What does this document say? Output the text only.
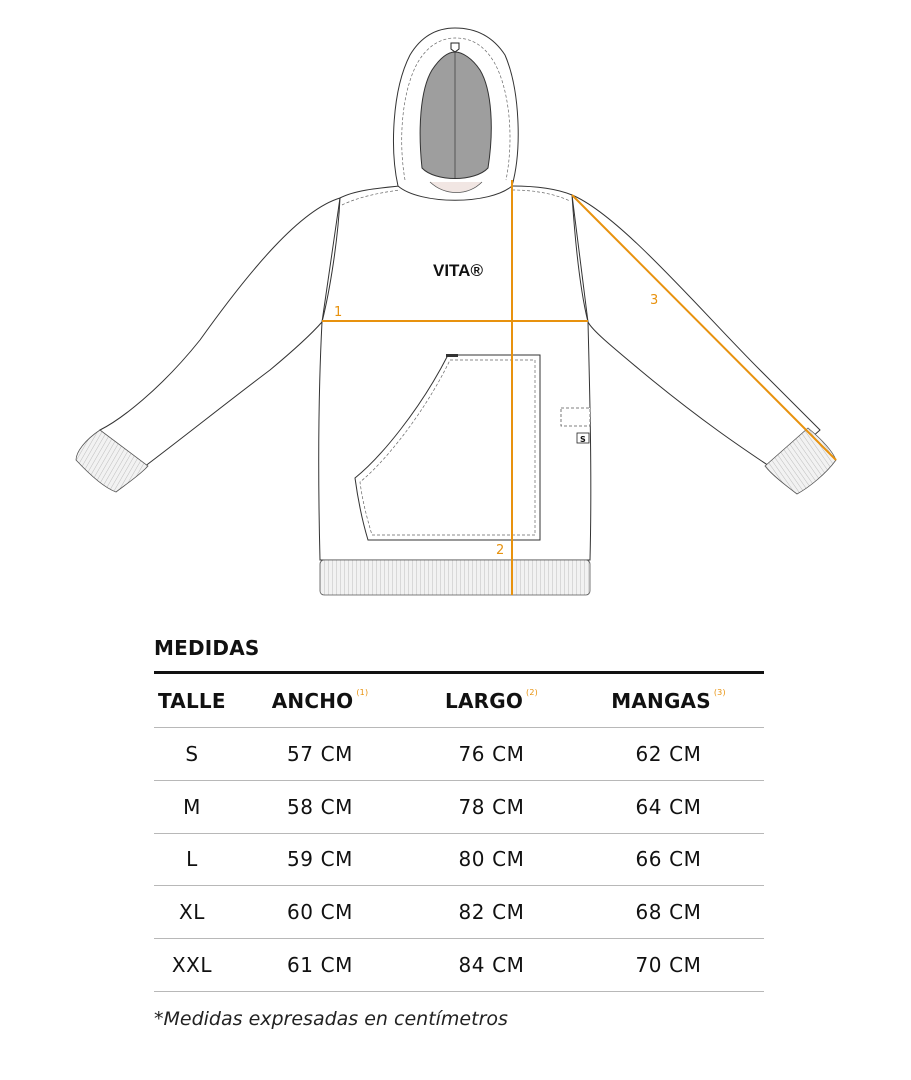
VITA®
S
1
2
3
MEDIDAS
TALLE	ANCHO $^{(1)}$	LARGO $^{(2)}$	MANGAS $^{(3)}$
S	57 CM	76 CM	62 CM
M	58 CM	78 CM	64 CM
L	59 CM	80 CM	66 CM
XL	60 CM	82 CM	68 CM
XXL	61 CM	84 CM	70 CM
*Medidas expresadas en centímetros
